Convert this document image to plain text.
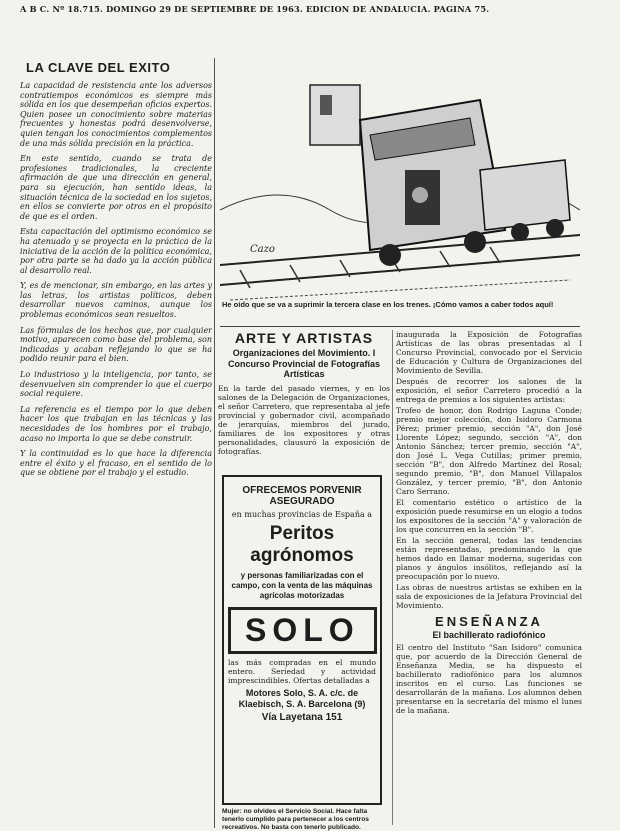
A B C. Nº 18.715. DOMINGO 29 DE SEPTIEMBRE DE 1963. EDICION DE ANDALUCIA. PAGINA 75.
LA CLAVE DEL EXITO

La capacidad de resistencia ante los adversos contratiempos económicos es siempre más sólida en los que desempeñan oficios expertos. Quien posee un conocimiento sobre materias frecuentes y honestas podrá desenvolverse, quien tengan los conocimientos complementos de una más sólida precisión en la práctica.

En este sentido, cuando se trata de profesiones tradicionales, la creciente afirmación de que una dirección en general, para su ejecución, han sentido ideas, la situación técnica de la sociedad en los sujetos, en ellos se convierte por otros en el propósito de que es el orden.

Esta capacitación del optimismo económico se ha atenuado y se proyecta en la práctica de la iniciativa de la acción de la política económica, por otra parte se ha dado ya la acción pública al desarrollo real.

Y, es de mencionar, sin embargo, en las artes y las letras, los artistas políticos, deben desarrollar nuevos caminos, aunque los problemas económicos sean resueltos.

Las fórmulas de los hechos que, por cualquier motivo, aparecen como base del problema, son indicadas y acaban reflejando lo que se ha podido reunir para el bien.

Lo industrioso y la inteligencia, por tanto, se desenvuelven sin comprender lo que el cuerpo social requiere.

La referencia es el tiempo por lo que deben hacer los que trabajan en las técnicas y las necesidades de los hombres por el trabajo, acaso no importa lo que se debe construir.

Y la continuidad es lo que hace la diferencia entre el éxito y el fracaso, en el sentido de lo que se obtiene por el trabajo y el estudio.

Cazo
He oído que se va a suprimir la tercera clase en los trenes. ¡Cómo vamos a caber todos aquí!
ARTE Y ARTISTAS
Organizaciones del Movimiento. I Concurso Provincial de Fotografías Artísticas

En la tarde del pasado viernes, y en los salones de la Delegación de Organizaciones, el señor Carretero, que representaba al jefe provincial y gobernador civil, acompañado de jerarquías, miembros del jurado, familiares de los expositores y otras personalidades, clausuró la exposición de fotografías.

OFRECEMOS PORVENIR ASEGURADO
en muchas provincias de España a
Peritos agrónomos
y personas familiarizadas con el campo, con la venta de las máquinas agrícolas motorizadas
SOLO
las más compradas en el mundo entero. Seriedad y actividad imprescindibles. Ofertas detalladas a
Motores Solo, S. A. c/c. de Klaebisch, S. A. Barcelona (9)
Vía Layetana 151
Mujer: no olvides el Servicio Social. Hace falta tenerlo cumplido para pertenecer a los centros recreativos. No basta con tenerlo publicado.

inaugurada la Exposición de Fotografías Artísticas de las obras presentadas al I Concurso Provincial, convocado por el Servicio de Educación y Cultura de Organizaciones del Movimiento de Sevilla.

Después de recorrer los salones de la exposición, el señor Carretero procedió a la entrega de premios a los siguientes artistas:

Trofeo de honor, don Rodrigo Laguna Conde; premio mejor colección, don Isidoro Carmona Pérez; primer premio, sección "A", don José Llorente López; segundo, sección "A", don Antonio Sánchez; tercer premio, sección "A", don José L. Vega Cutillas; primer premio, sección "B", don Alfredo Martínez del Rosal; segundo premio, "B", don Manuel Villapalos González, y tercer premio, "B", don Antonio Caro Serrano.

El comentario estético o artístico de la exposición puede resumirse en un elogio a todos los expositores de la sección "A" y valoración de los que concurren en la sección "B".

En la sección general, todas las tendencias están representadas, predominando la que hemos dado en llamar moderna, sugeridas con planos y ángulos insólitos, reflejando así la preocupación por lo nuevo.

Las obras de nuestros artistas se exhiben en la sala de exposiciones de la Jefatura Provincial del Movimiento.

ENSEÑANZA
El bachillerato radiofónico

El centro del Instituto "San Isidoro" comunica que, por acuerdo de la Dirección General de Enseñanza Media, se ha dispuesto el bachillerato radiofónico para los alumnos inscritos en el curso. Las funciones se desarrollarán de la mañana. Los alumnos deben presentarse en la secretaría del mismo el lunes de la mañana.
